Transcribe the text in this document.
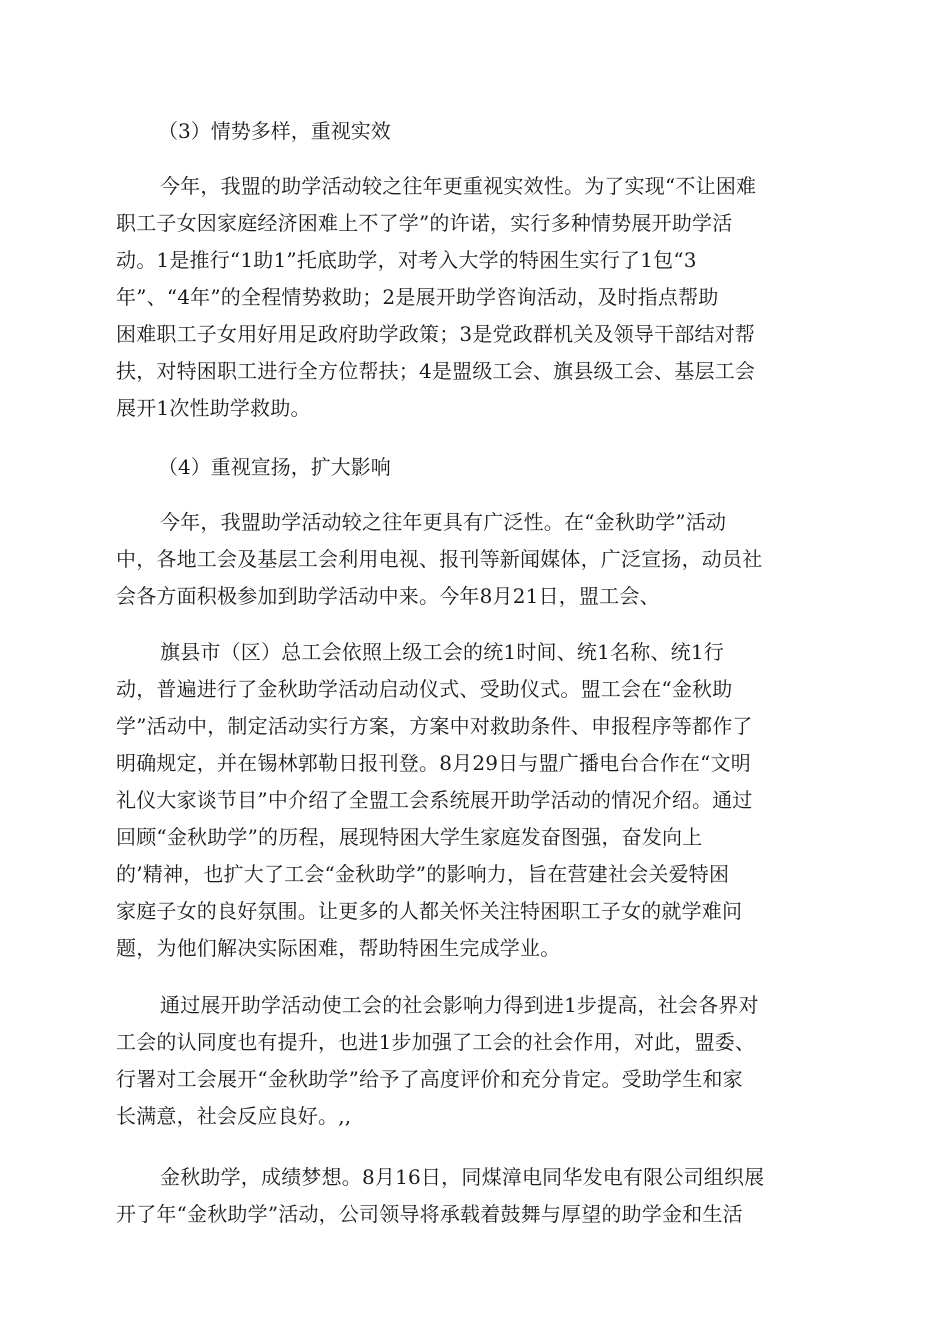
（3）情势多样，重视实效
今年，我盟的助学活动较之往年更重视实效性。为了实现“不让困难
职工子女因家庭经济困难上不了学”的许诺，实行多种情势展开助学活
动。1是推行“1助1”托底助学，对考入大学的特困生实行了1包“3
年”、“4年”的全程情势救助；2是展开助学咨询活动，及时指点帮助
困难职工子女用好用足政府助学政策；3是党政群机关及领导干部结对帮
扶，对特困职工进行全方位帮扶；4是盟级工会、旗县级工会、基层工会
展开1次性助学救助。
（4）重视宣扬，扩大影响
今年，我盟助学活动较之往年更具有广泛性。在“金秋助学”活动
中，各地工会及基层工会利用电视、报刊等新闻媒体，广泛宣扬，动员社
会各方面积极参加到助学活动中来。今年8月21日，盟工会、
旗县市（区）总工会依照上级工会的统1时间、统1名称、统1行
动，普遍进行了金秋助学活动启动仪式、受助仪式。盟工会在“金秋助
学”活动中，制定活动实行方案，方案中对救助条件、申报程序等都作了
明确规定，并在锡林郭勒日报刊登。8月29日与盟广播电台合作在“文明
礼仪大家谈节目”中介绍了全盟工会系统展开助学活动的情况介绍。通过
回顾“金秋助学”的历程，展现特困大学生家庭发奋图强，奋发向上
的’精神，也扩大了工会“金秋助学”的影响力，旨在营建社会关爱特困
家庭子女的良好氛围。让更多的人都关怀关注特困职工子女的就学难问
题，为他们解决实际困难，帮助特困生完成学业。
通过展开助学活动使工会的社会影响力得到进1步提高，社会各界对
工会的认同度也有提升，也进1步加强了工会的社会作用，对此，盟委、
行署对工会展开“金秋助学”给予了高度评价和充分肯定。受助学生和家
长满意，社会反应良好。,,
金秋助学，成绩梦想。8月16日，同煤漳电同华发电有限公司组织展
开了年“金秋助学”活动，公司领导将承载着鼓舞与厚望的助学金和生活
